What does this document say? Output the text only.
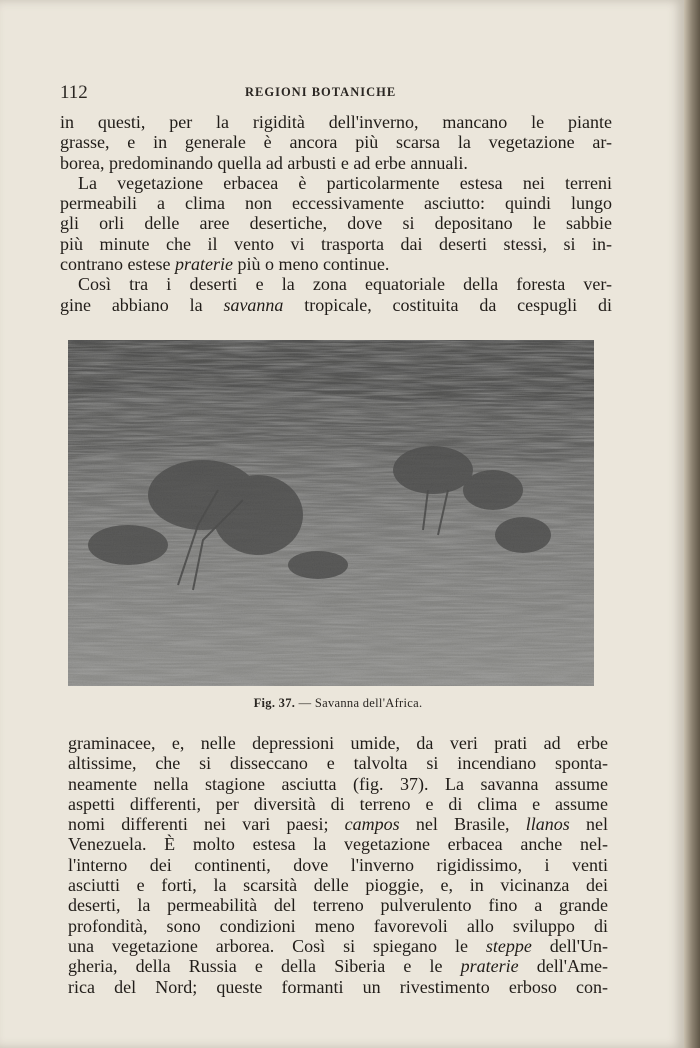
112	REGIONI BOTANICHE
in questi, per la rigidità dell'inverno, mancano le piante
grasse, e in generale è ancora più scarsa la vegetazione ar-
borea, predominando quella ad arbusti e ad erbe annuali.
La vegetazione erbacea è particolarmente estesa nei terreni
permeabili a clima non eccessivamente asciutto: quindi lungo
gli orli delle aree desertiche, dove si depositano le sabbie
più minute che il vento vi trasporta dai deserti stessi, si in-
contrano estese praterie più o meno continue.
Così tra i deserti e la zona equatoriale della foresta ver-
gine abbiano la savanna tropicale, costituita da cespugli di
Fig. 37. — Savanna dell'Africa.
graminacee, e, nelle depressioni umide, da veri prati ad erbe
altissime, che si disseccano e talvolta si incendiano sponta-
neamente nella stagione asciutta (fig. 37). La savanna assume
aspetti differenti, per diversità di terreno e di clima e assume
nomi differenti nei vari paesi; campos nel Brasile, llanos nel
Venezuela. È molto estesa la vegetazione erbacea anche nel-
l'interno dei continenti, dove l'inverno rigidissimo, i venti
asciutti e forti, la scarsità delle pioggie, e, in vicinanza dei
deserti, la permeabilità del terreno pulverulento fino a grande
profondità, sono condizioni meno favorevoli allo sviluppo di
una vegetazione arborea. Così si spiegano le steppe dell'Un-
gheria, della Russia e della Siberia e le praterie dell'Ame-
rica del Nord; queste formanti un rivestimento erboso con-
